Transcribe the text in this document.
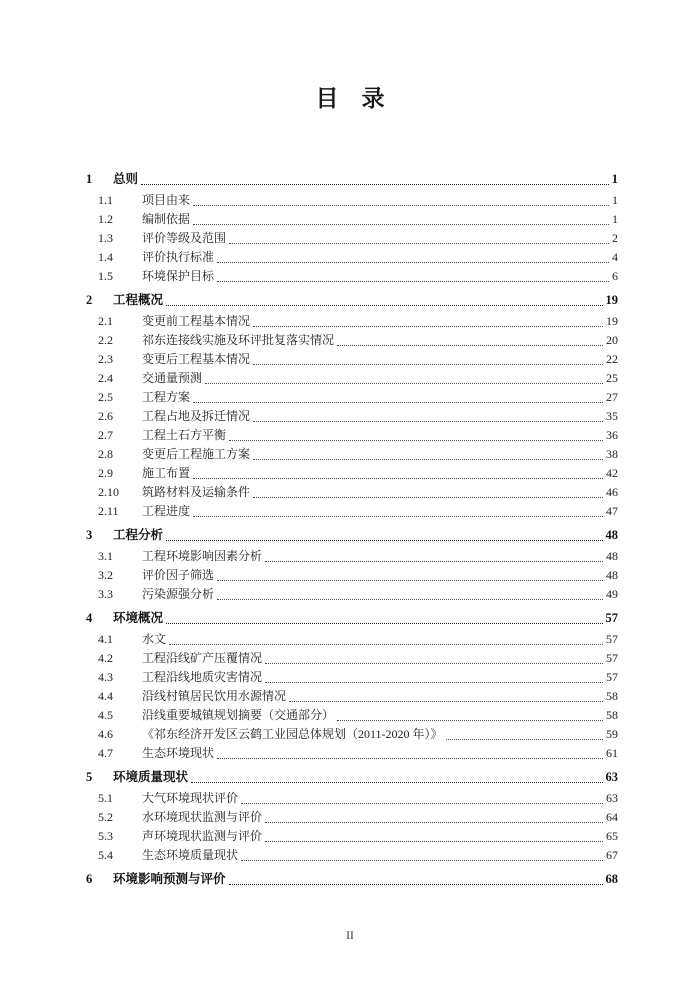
目　录
1	总则	1
1.1	项目由来	1
1.2	编制依据	1
1.3	评价等级及范围	2
1.4	评价执行标准	4
1.5	环境保护目标	6
2	工程概况	19
2.1	变更前工程基本情况	19
2.2	祁东连接线实施及环评批复落实情况	20
2.3	变更后工程基本情况	22
2.4	交通量预测	25
2.5	工程方案	27
2.6	工程占地及拆迁情况	35
2.7	工程土石方平衡	36
2.8	变更后工程施工方案	38
2.9	施工布置	42
2.10	筑路材料及运输条件	46
2.11	工程进度	47
3	工程分析	48
3.1	工程环境影响因素分析	48
3.2	评价因子筛选	48
3.3	污染源强分析	49
4	环境概况	57
4.1	水文	57
4.2	工程沿线矿产压覆情况	57
4.3	工程沿线地质灾害情况	57
4.4	沿线村镇居民饮用水源情况	58
4.5	沿线重要城镇规划摘要（交通部分）	58
4.6	《祁东经济开发区云鹤工业园总体规划（2011-2020 年）》	59
4.7	生态环境现状	61
5	环境质量现状	63
5.1	大气环境现状评价	63
5.2	水环境现状监测与评价	64
5.3	声环境现状监测与评价	65
5.4	生态环境质量现状	67
6	环境影响预测与评价	68
II
